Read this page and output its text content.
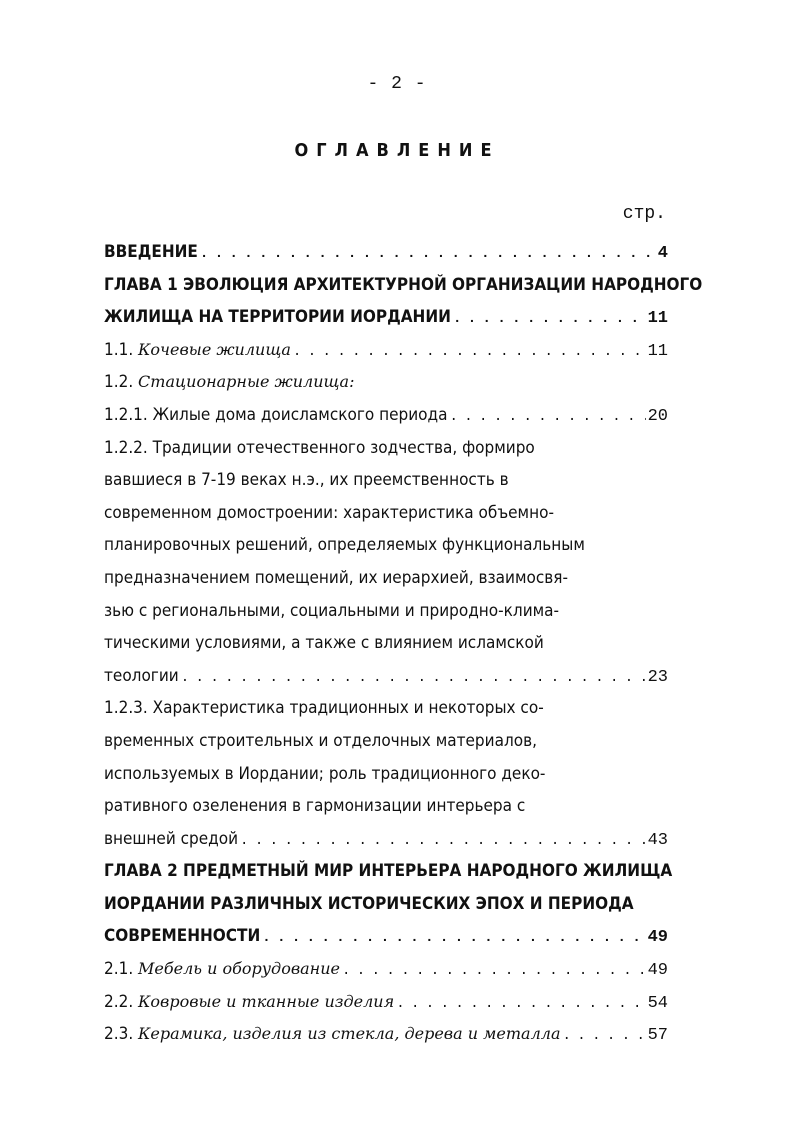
- 2 -
ОГЛАВЛЕНИЕ
стр.
ВВЕДЕНИЕ . . .	4
ГЛАВА 1 ЭВОЛЮЦИЯ АРХИТЕКТУРНОЙ ОРГАНИЗАЦИИ НАРОДНОГО
ЖИЛИЩА НА ТЕРРИТОРИИ ИОРДАНИИ . . .	11
1.1. Кочевые жилища . . .	11
1.2. Стационарные жилища:
1.2.1. Жилые дома доисламского периода . . .	20
1.2.2. Традиции отечественного зодчества, формиро
вавшиеся в 7-19 веках н.э., их преемственность в
современном домостроении: характеристика объемно-
планировочных решений, определяемых функциональным
предназначением помещений, их иерархией, взаимосвя-
зью с региональными, социальными и природно-клима-
тическими условиями, а также с влиянием исламской
теологии . . .	23
1.2.3. Характеристика традиционных и некоторых со-
временных строительных и отделочных материалов,
используемых в Иордании; роль традиционного деко-
ративного озеленения в гармонизации интерьера с
внешней средой . . .	43
ГЛАВА 2 ПРЕДМЕТНЫЙ МИР ИНТЕРЬЕРА НАРОДНОГО ЖИЛИЩА
ИОРДАНИИ РАЗЛИЧНЫХ ИСТОРИЧЕСКИХ ЭПОХ И ПЕРИОДА
СОВРЕМЕННОСТИ . . .	49
2.1. Мебель и оборудование . . .	49
2.2. Ковровые и тканные изделия . . .	54
2.3. Керамика, изделия из стекла, дерева и металла . . .	57
